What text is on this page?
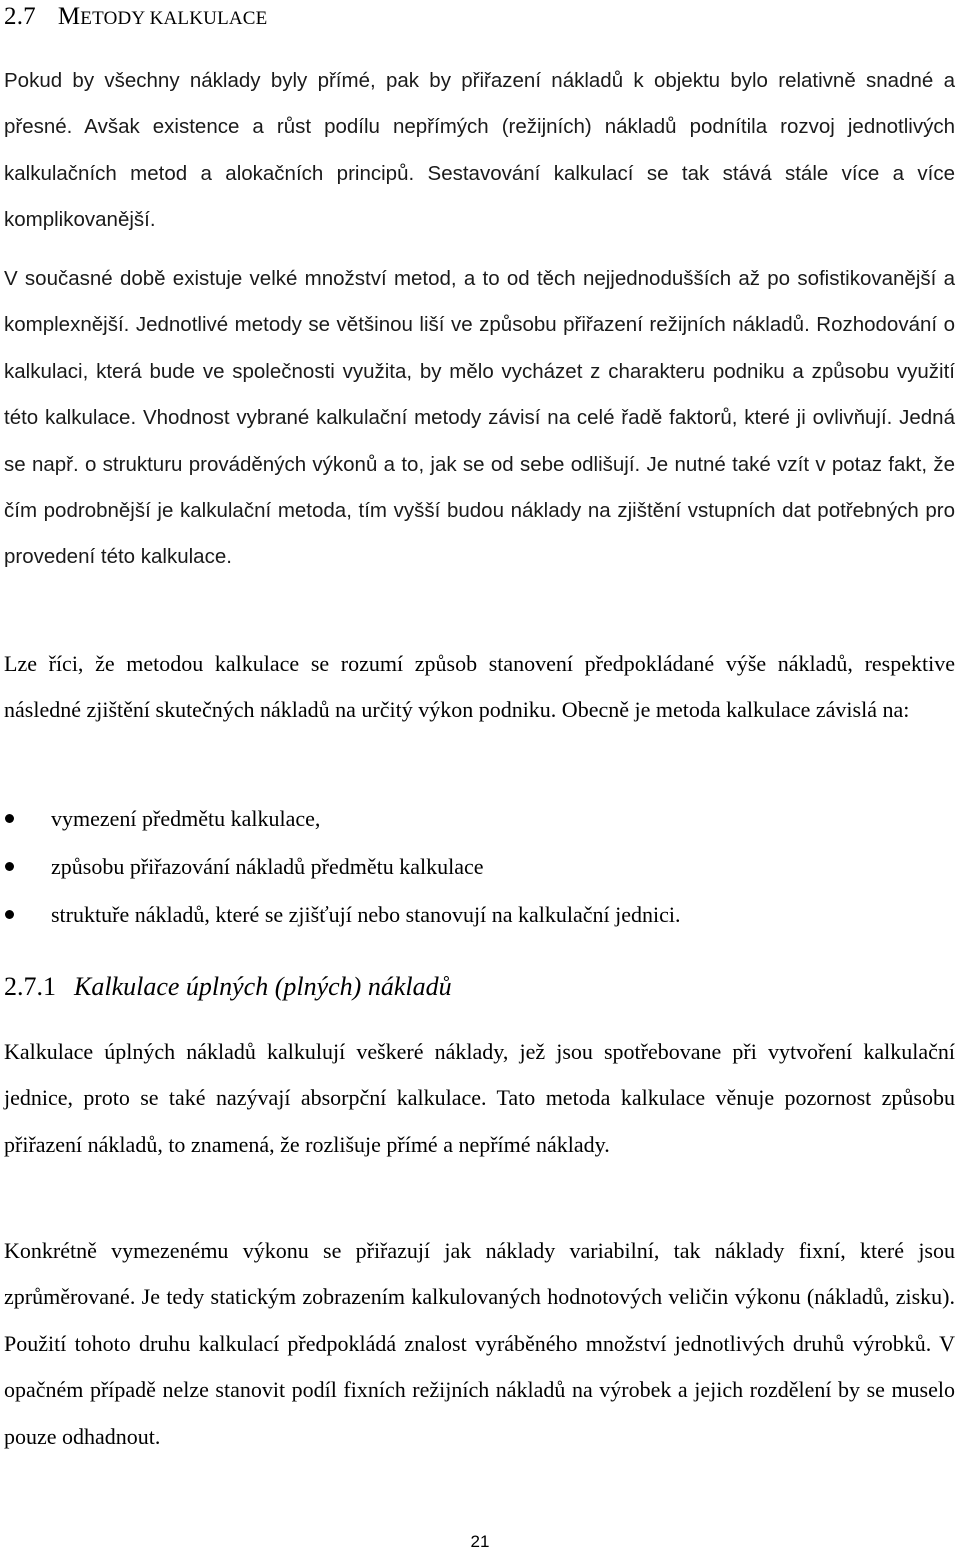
2.7 METODY KALKULACE

Pokud by všechny náklady byly přímé, pak by přiřazení nákladů k objektu bylo relativně snadné a přesné. Avšak existence a růst podílu nepřímých (režijních) nákladů podnítila rozvoj jednotlivých kalkulačních metod a alokačních principů. Sestavování kalkulací se tak stává stále více a více komplikovanější.

V současné době existuje velké množství metod, a to od těch nejjednodušších až po sofistikovanější a komplexnější. Jednotlivé metody se většinou liší ve způsobu přiřazení režijních nákladů. Rozhodování o kalkulaci, která bude ve společnosti využita, by mělo vycházet z charakteru podniku a způsobu využití této kalkulace. Vhodnost vybrané kalkulační metody závisí na celé řadě faktorů, které ji ovlivňují. Jedná se např. o strukturu prováděných výkonů a to, jak se od sebe odlišují. Je nutné také vzít v potaz fakt, že čím podrobnější je kalkulační metoda, tím vyšší budou náklady na zjištění vstupních dat potřebných pro provedení této kalkulace.

Lze říci, že metodou kalkulace se rozumí způsob stanovení předpokládané výše nákladů, respektive následné zjištění skutečných nákladů na určitý výkon podniku. Obecně je metoda kalkulace závislá na:

vymezení předmětu kalkulace,
způsobu přiřazování nákladů předmětu kalkulace
struktuře nákladů, které se zjišťují nebo stanovují na kalkulační jednici.
2.7.1 Kalkulace úplných (plných) nákladů

Kalkulace úplných nákladů kalkulují veškeré náklady, jež jsou spotřebovane při vytvoření kalkulační jednice, proto se také nazývají absorpční kalkulace. Tato metoda kalkulace věnuje pozornost způsobu přiřazení nákladů, to znamená, že rozlišuje přímé a nepřímé náklady.

Konkrétně vymezenému výkonu se přiřazují jak náklady variabilní, tak náklady fixní, které jsou zprůměrované. Je tedy statickým zobrazením kalkulovaných hodnotových veličin výkonu (nákladů, zisku). Použití tohoto druhu kalkulací předpokládá znalost vyráběného množství jednotlivých druhů výrobků. V opačném případě nelze stanovit podíl fixních režijních nákladů na výrobek a jejich rozdělení by se muselo pouze odhadnout.

21
